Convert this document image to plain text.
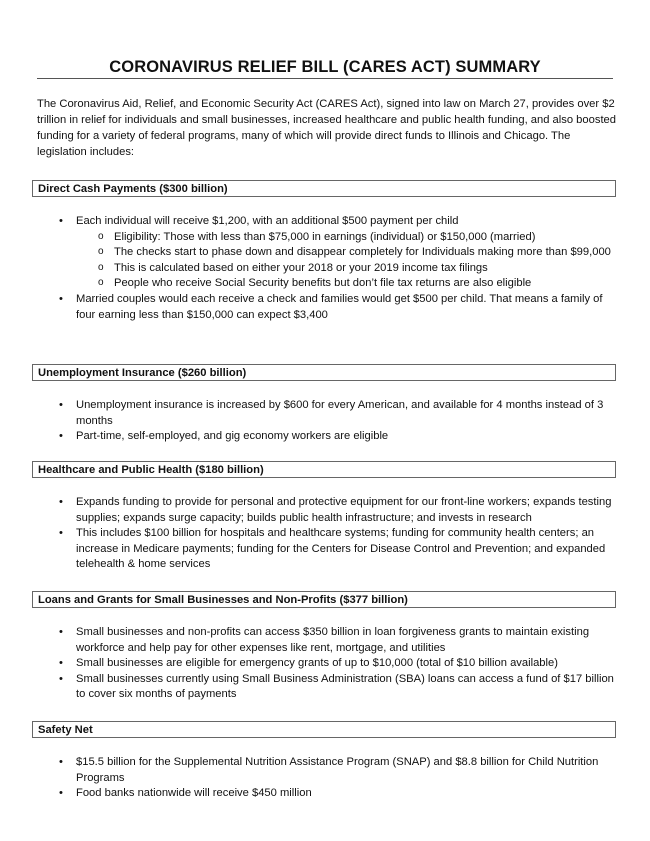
CORONAVIRUS RELIEF BILL (CARES ACT) SUMMARY
The Coronavirus Aid, Relief, and Economic Security Act (CARES Act), signed into law on March 27, provides over $2 trillion in relief for individuals and small businesses, increased healthcare and public health funding, and also boosted funding for a variety of federal programs, many of which will provide direct funds to Illinois and Chicago. The legislation includes:
Direct Cash Payments ($300 billion)
• Each individual will receive $1,200, with an additional $500 payment per child
o Eligibility: Those with less than $75,000 in earnings (individual) or $150,000 (married)
o The checks start to phase down and disappear completely for Individuals making more than $99,000
o This is calculated based on either your 2018 or your 2019 income tax filings
o People who receive Social Security benefits but don’t file tax returns are also eligible
• Married couples would each receive a check and families would get $500 per child. That means a family of four earning less than $150,000 can expect $3,400
Unemployment Insurance ($260 billion)
• Unemployment insurance is increased by $600 for every American, and available for 4 months instead of 3 months
• Part-time, self-employed, and gig economy workers are eligible
Healthcare and Public Health ($180 billion)
• Expands funding to provide for personal and protective equipment for our front-line workers; expands testing supplies; expands surge capacity; builds public health infrastructure; and invests in research
• This includes $100 billion for hospitals and healthcare systems; funding for community health centers; an increase in Medicare payments; funding for the Centers for Disease Control and Prevention; and expanded telehealth & home services
Loans and Grants for Small Businesses and Non-Profits ($377 billion)
• Small businesses and non-profits can access $350 billion in loan forgiveness grants to maintain existing workforce and help pay for other expenses like rent, mortgage, and utilities
• Small businesses are eligible for emergency grants of up to $10,000 (total of $10 billion available)
• Small businesses currently using Small Business Administration (SBA) loans can access a fund of $17 billion to cover six months of payments
Safety Net
• $15.5 billion for the Supplemental Nutrition Assistance Program (SNAP) and $8.8 billion for Child Nutrition Programs
• Food banks nationwide will receive $450 million
